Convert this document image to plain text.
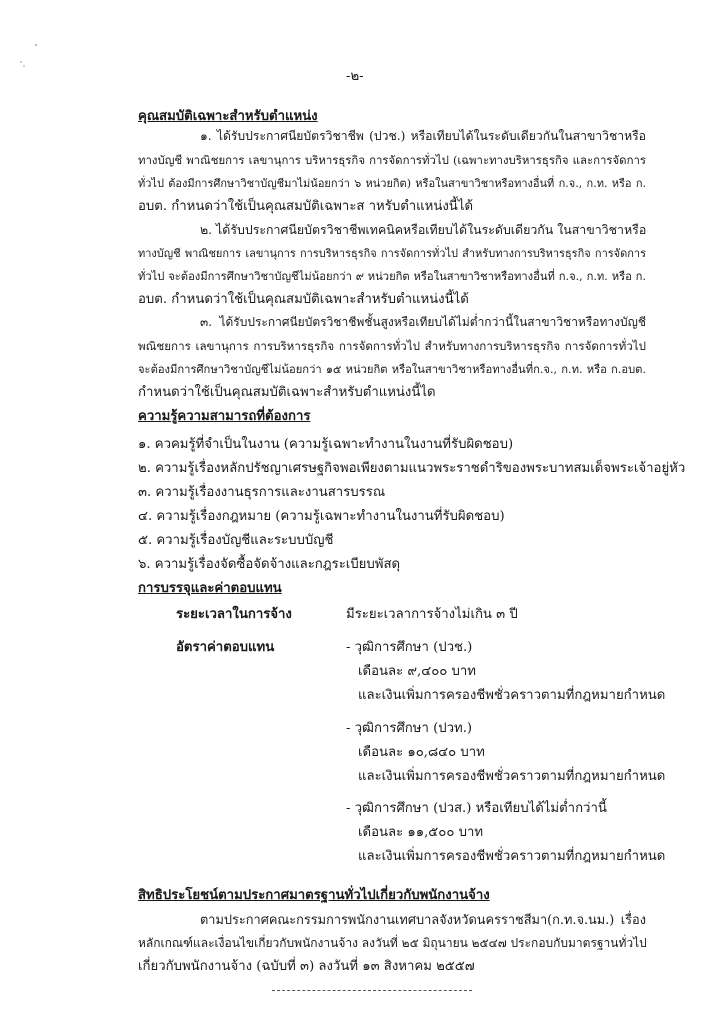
-๒-
คุณสมบัติเฉพาะสำหรับตำแหน่ง
๑. ได้รับประกาศนียบัตรวิชาชีพ (ปวช.) หรือเทียบได้ในระดับเดียวกันในสาขาวิชาหรือ
ทางบัญชี พาณิชยการ เลขานุการ บริหารธุรกิจ การจัดการทั่วไป (เฉพาะทางบริหารธุรกิจ และการจัดการ
ทั่วไป ต้องมีการศึกษาวิชาบัญชีมาไม่น้อยกว่า ๖ หน่วยกิต) หรือในสาขาวิชาหรือทางอื่นที่ ก.จ., ก.ท. หรือ ก.
อบต. กำหนดว่าใช้เป็นคุณสมบัติเฉพาะส าหรับตำแหน่งนี้ได้
๒. ได้รับประกาศนียบัตรวิชาชีพเทคนิคหรือเทียบได้ในระดับเดียวกัน ในสาขาวิชาหรือ
ทางบัญชี พาณิชยการ เลขานุการ การบริหารธุรกิจ การจัดการทั่วไป สำหรับทางการบริหารธุรกิจ การจัดการ
ทั่วไป จะต้องมีการศึกษาวิชาบัญชีไม่น้อยกว่า ๙ หน่วยกิต หรือในสาขาวิชาหรือทางอื่นที่ ก.จ., ก.ท. หรือ ก.
อบต. กำหนดว่าใช้เป็นคุณสมบัติเฉพาะสำหรับตำแหน่งนี้ได้
๓. ได้รับประกาศนียบัตรวิชาชีพชั้นสูงหรือเทียบได้ไม่ต่ำกว่านี้ในสาขาวิชาหรือทางบัญชี
พณิชยการ เลขานุการ การบริหารธุรกิจ การจัดการทั่วไป สำหรับทางการบริหารธุรกิจ การจัดการทั่วไป
จะต้องมีการศึกษาวิชาบัญชีไม่น้อยกว่า ๑๕ หน่วยกิต หรือในสาขาวิชาหรือทางอื่นที่ก.จ., ก.ท. หรือ ก.อบต.
กำหนดว่าใช้เป็นคุณสมบัติเฉพาะสำหรับตำแหน่งนี้ได
ความรู้ความสามารถที่ต้องการ
๑. ควคมรู้ที่จำเป็นในงาน (ความรู้เฉพาะทำงานในงานที่รับผิดชอบ)
๒. ความรู้เรื่องหลักปรัชญาเศรษฐกิจพอเพียงตามแนวพระราชดำริของพระบาทสมเด็จพระเจ้าอยู่หัว
๓. ความรู้เรื่องงานธุรการและงานสารบรรณ
๔. ความรู้เรื่องกฎหมาย (ความรู้เฉพาะทำงานในงานที่รับผิดชอบ)
๕. ความรู้เรื่องบัญชีและระบบบัญชี
๖. ความรู้เรื่องจัดซื้อจัดจ้างและกฎระเบียบพัสดุ
การบรรจุและค่าตอบแทน
ระยะเวลาในการจ้าง	มีระยะเวลาการจ้างไม่เกิน ๓ ปี
อัตราค่าตอบแทน	- วุฒิการศึกษา (ปวช.)
เดือนละ ๙,๔๐๐ บาท
และเงินเพิ่มการครองชีพชั่วคราวตามที่กฎหมายกำหนด
- วุฒิการศึกษา (ปวท.)
เดือนละ ๑๐,๘๔๐ บาท
และเงินเพิ่มการครองชีพชั่วคราวตามที่กฎหมายกำหนด
- วุฒิการศึกษา (ปวส.) หรือเทียบได้ไม่ต่ำกว่านี้
เดือนละ ๑๑,๕๐๐ บาท
และเงินเพิ่มการครองชีพชั่วคราวตามที่กฎหมายกำหนด
สิทธิประโยชน์ตามประกาศมาตรฐานทั่วไปเกี่ยวกับพนักงานจ้าง
ตามประกาศคณะกรรมการพนักงานเทศบาลจังหวัดนครราชสีมา(ก.ท.จ.นม.) เรื่อง
หลักเกณฑ์และเงื่อนไขเกี่ยวกับพนักงานจ้าง ลงวันที่ ๒๕ มิถุนายน ๒๕๔๗ ประกอบกับมาตรฐานทั่วไป
เกี่ยวกับพนักงานจ้าง (ฉบับที่ ๓) ลงวันที่ ๑๓ สิงหาคม ๒๕๕๗
